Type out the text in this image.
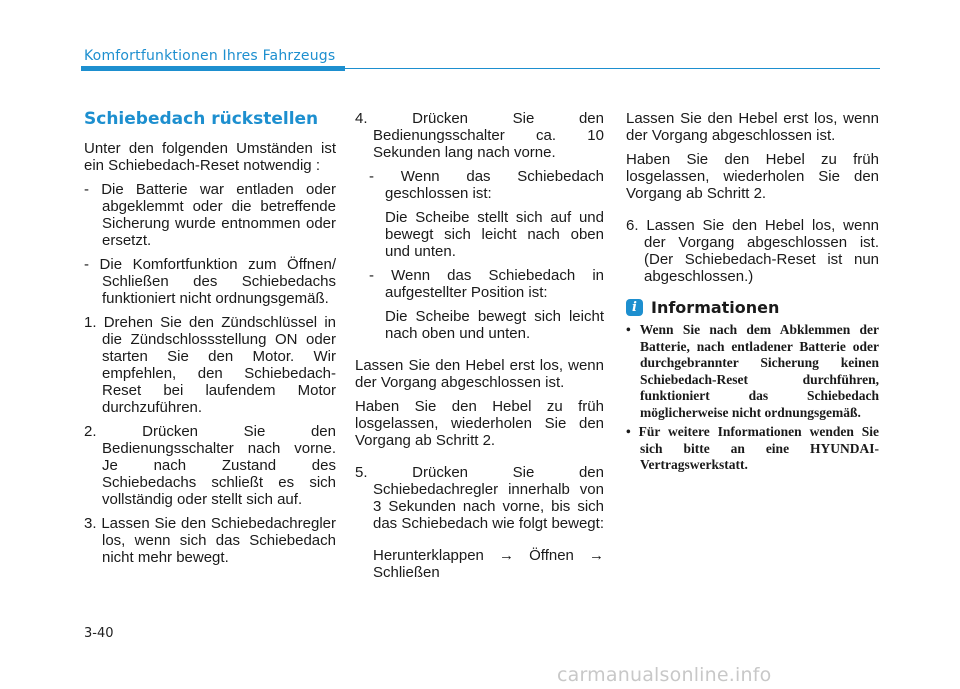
Komfortfunktionen Ihres Fahrzeugs
Schiebedach rückstellen

Unter den folgenden Umständen ist ein Schiebedach-Reset notwendig :

- Die Batterie war entladen oder abgeklemmt oder die betreffende Sicherung wurde entnommen oder ersetzt.

- Die Komfortfunktion zum Öffnen/ Schließen des Schiebedachs funktioniert nicht ordnungsgemäß.

1. Drehen Sie den Zündschlüssel in die Zündschlossstellung ON oder starten Sie den Motor. Wir empfehlen, den Schiebedach-Reset bei laufendem Motor durchzuführen.

2. Drücken Sie den Bedienungsschalter nach vorne. Je nach Zustand des Schiebedachs schließt es sich vollständig oder stellt sich auf.

3. Lassen Sie den Schiebedachregler los, wenn sich das Schiebedach nicht mehr bewegt.

4. Drücken Sie den Bedienungsschalter ca. 10 Sekunden lang nach vorne.

- Wenn das Schiebedach geschlossen ist:

Die Scheibe stellt sich auf und bewegt sich leicht nach oben und unten.

- Wenn das Schiebedach in aufgestellter Position ist:

Die Scheibe bewegt sich leicht nach oben und unten.

Lassen Sie den Hebel erst los, wenn der Vorgang abgeschlossen ist.

Haben Sie den Hebel zu früh losgelassen, wiederholen Sie den Vorgang ab Schritt 2.

5. Drücken Sie den Schiebedachregler innerhalb von 3 Sekunden nach vorne, bis sich das Schiebedach wie folgt bewegt:

Herunterklappen → Öffnen → Schließen

Lassen Sie den Hebel erst los, wenn der Vorgang abgeschlossen ist.

Haben Sie den Hebel zu früh losgelassen, wiederholen Sie den Vorgang ab Schritt 2.

6. Lassen Sie den Hebel los, wenn der Vorgang abgeschlossen ist. (Der Schiebedach-Reset ist nun abgeschlossen.)

i Informationen

• Wenn Sie nach dem Abklemmen der Batterie, nach entladener Batterie oder durchgebrannter Sicherung keinen Schiebedach-Reset durchführen, funktioniert das Schiebedach möglicherweise nicht ordnungsgemäß.

• Für weitere Informationen wenden Sie sich bitte an eine HYUNDAI-Vertragswerkstatt.

3-40
carmanualsonline.info
